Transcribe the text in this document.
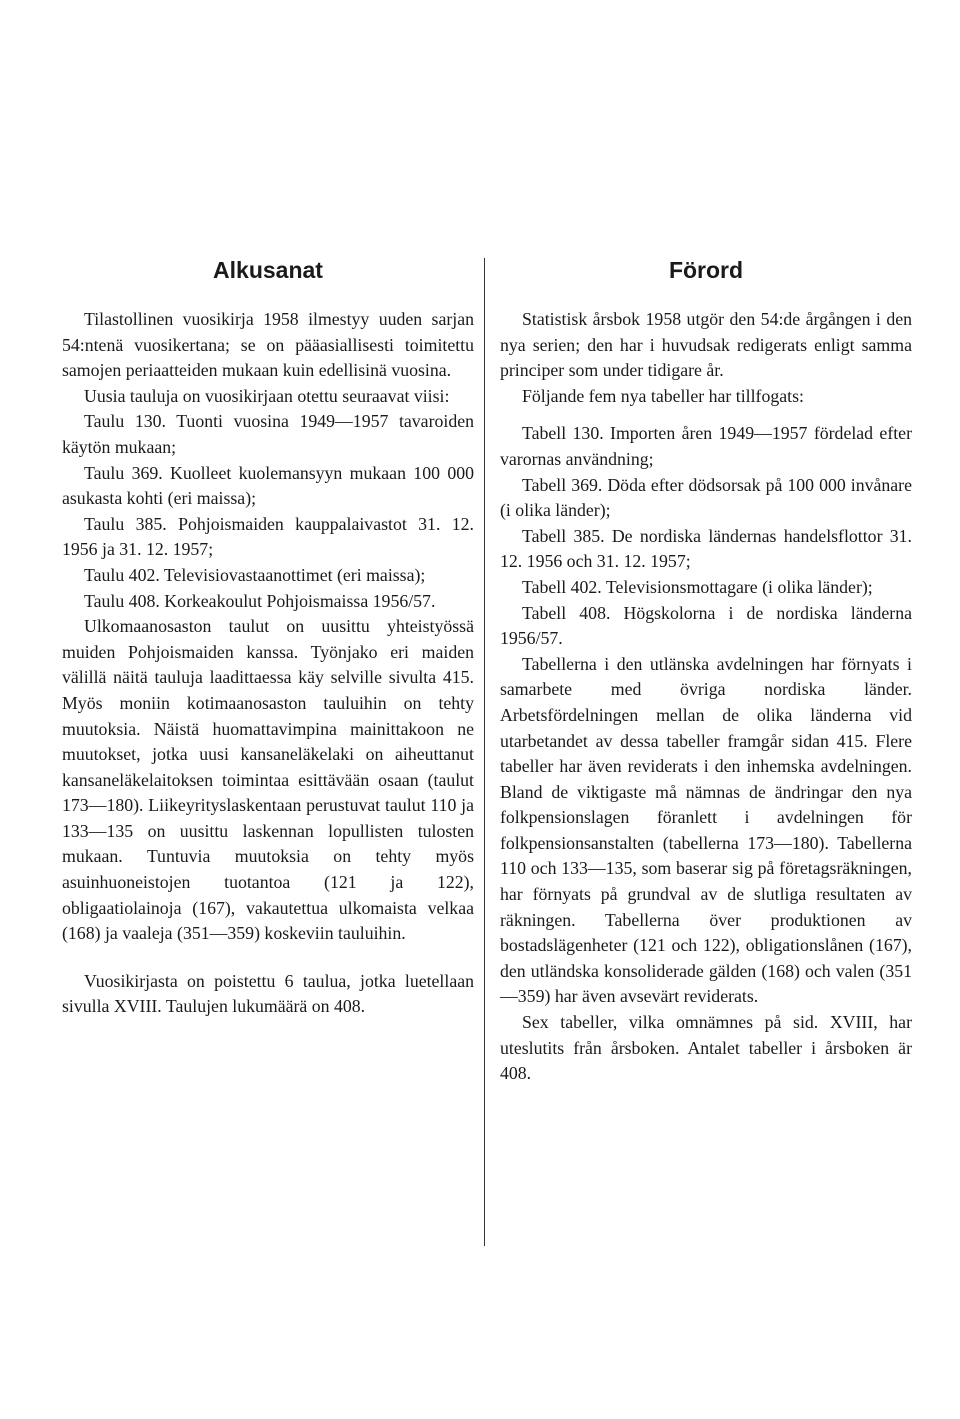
Alkusanat

Tilastollinen vuosikirja 1958 ilmestyy uuden sarjan 54:ntenä vuosikertana; se on pääasiallisesti toimitettu samojen periaatteiden mukaan kuin edellisinä vuosina.

Uusia tauluja on vuosikirjaan otettu seuraavat viisi:

Taulu 130. Tuonti vuosina 1949—1957 tavaroiden käytön mukaan;

Taulu 369. Kuolleet kuolemansyyn mukaan 100 000 asukasta kohti (eri maissa);

Taulu 385. Pohjoismaiden kauppalaivastot 31. 12. 1956 ja 31. 12. 1957;

Taulu 402. Televisiovastaanottimet (eri maissa);

Taulu 408. Korkeakoulut Pohjoismaissa 1956/57.

Ulkomaanosaston taulut on uusittu yhteistyössä muiden Pohjoismaiden kanssa. Työnjako eri maiden välillä näitä tauluja laadittaessa käy selville sivulta 415. Myös moniin kotimaanosaston tauluihin on tehty muutoksia. Näistä huomattavimpina mainittakoon ne muutokset, jotka uusi kansaneläkelaki on aiheuttanut kansaneläkelaitoksen toimintaa esittävään osaan (taulut 173—180). Liikeyrityslaskentaan perustuvat taulut 110 ja 133—135 on uusittu laskennan lopullisten tulosten mukaan. Tuntuvia muutoksia on tehty myös asuinhuoneistojen tuotantoa (121 ja 122), obligaatiolainoja (167), vakautettua ulkomaista velkaa (168) ja vaaleja (351—359) koskeviin tauluihin.

Vuosikirjasta on poistettu 6 taulua, jotka luetellaan sivulla XVIII. Taulujen lukumäärä on 408.

Förord

Statistisk årsbok 1958 utgör den 54:de årgången i den nya serien; den har i huvudsak redigerats enligt samma principer som under tidigare år.

Följande fem nya tabeller har tillfogats:

Tabell 130. Importen åren 1949—1957 fördelad efter varornas användning;

Tabell 369. Döda efter dödsorsak på 100 000 invånare (i olika länder);

Tabell 385. De nordiska ländernas handelsflottor 31. 12. 1956 och 31. 12. 1957;

Tabell 402. Televisionsmottagare (i olika länder);

Tabell 408. Högskolorna i de nordiska länderna 1956/57.

Tabellerna i den utlänska avdelningen har förnyats i samarbete med övriga nordiska länder. Arbetsfördelningen mellan de olika länderna vid utarbetandet av dessa tabeller framgår sidan 415. Flere tabeller har även reviderats i den inhemska avdelningen. Bland de viktigaste må nämnas de ändringar den nya folkpensionslagen föranlett i avdelningen för folkpensionsanstalten (tabellerna 173—180). Tabellerna 110 och 133—135, som baserar sig på företagsräkningen, har förnyats på grundval av de slutliga resultaten av räkningen. Tabellerna över produktionen av bostadslägenheter (121 och 122), obligationslånen (167), den utländska konsoliderade gälden (168) och valen (351—359) har även avsevärt reviderats.

Sex tabeller, vilka omnämnes på sid. XVIII, har uteslutits från årsboken. Antalet tabeller i årsboken är 408.
